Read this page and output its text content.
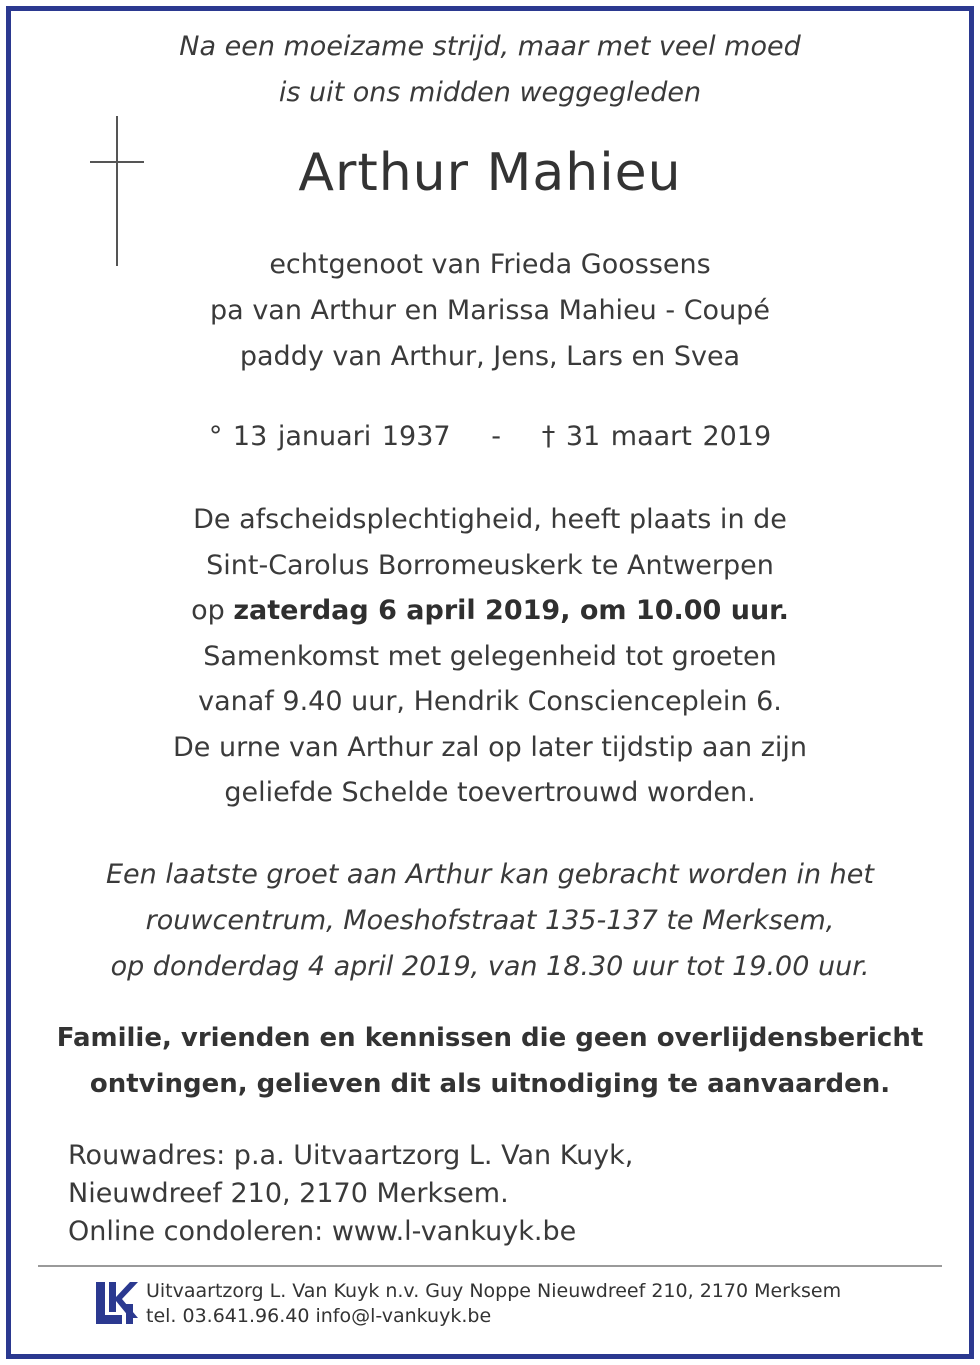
Na een moeizame strijd, maar met veel moed
is uit ons midden weggegleden
Arthur Mahieu
echtgenoot van Frieda Goossens
pa van Arthur en Marissa Mahieu - Coupé
paddy van Arthur, Jens, Lars en Svea
° 13 januari 1937 - † 31 maart 2019
De afscheidsplechtigheid, heeft plaats in de
Sint-Carolus Borromeuskerk te Antwerpen
op zaterdag 6 april 2019, om 10.00 uur.
Samenkomst met gelegenheid tot groeten
vanaf 9.40 uur, Hendrik Conscienceplein 6.
De urne van Arthur zal op later tijdstip aan zijn
geliefde Schelde toevertrouwd worden.
Een laatste groet aan Arthur kan gebracht worden in het
rouwcentrum, Moeshofstraat 135-137 te Merksem,
op donderdag 4 april 2019, van 18.30 uur tot 19.00 uur.
Familie, vrienden en kennissen die geen overlijdensbericht
ontvingen, gelieven dit als uitnodiging te aanvaarden.
Rouwadres: p.a. Uitvaartzorg L. Van Kuyk,
Nieuwdreef 210, 2170 Merksem.
Online condoleren: www.l-vankuyk.be
Uitvaartzorg L. Van Kuyk n.v. Guy Noppe Nieuwdreef 210, 2170 Merksem
tel. 03.641.96.40 info@l-vankuyk.be
